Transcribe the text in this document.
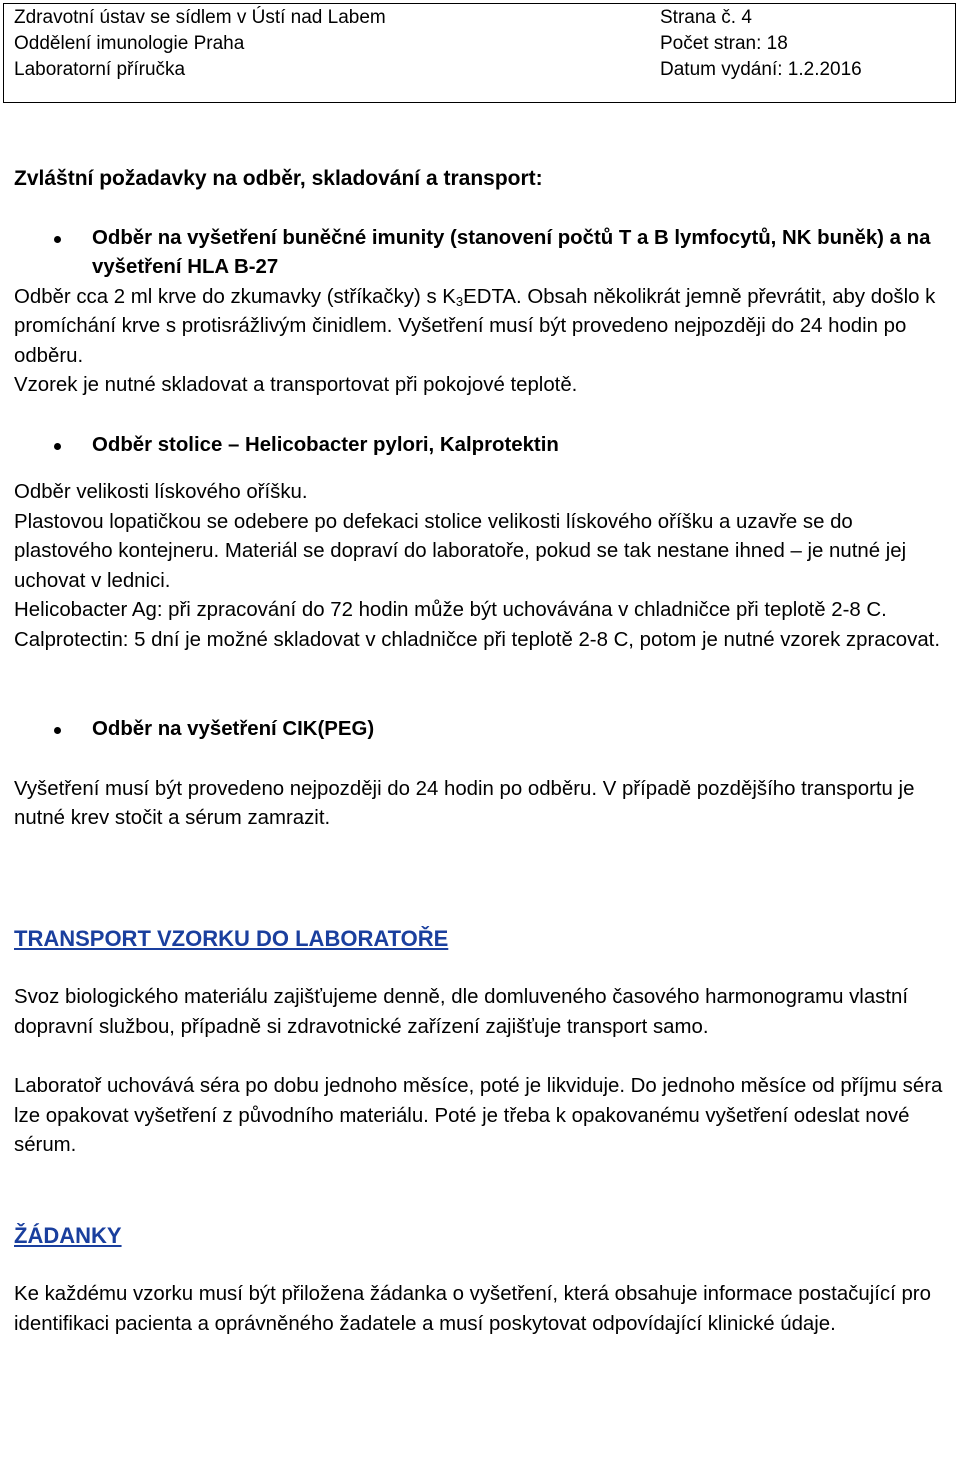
Zdravotní ústav se sídlem v Ústí nad Labem	Strana č. 4
Oddělení imunologie Praha	Počet stran: 18
Laboratorní příručka	Datum vydání: 1.2.2016

Zvláštní požadavky na odběr, skladování a transport:

Odběr na vyšetření buněčné imunity (stanovení počtů T a B lymfocytů, NK buněk) a na vyšetření HLA B-27

Odběr cca 2 ml krve do zkumavky (stříkačky) s $K_3EDTA$. Obsah několikrát jemně převrátit, aby došlo k promíchání krve s protisrážlivým činidlem. Vyšetření musí být provedeno nejpozději do 24 hodin po odběru.

Vzorek je nutné skladovat a transportovat při pokojové teplotě.

Odběr stolice – Helicobacter pylori, Kalprotektin

Odběr velikosti lískového oříšku.

Plastovou lopatičkou se odebere po defekaci stolice velikosti lískového oříšku a uzavře se do plastového kontejneru. Materiál se dopraví do laboratoře, pokud se tak nestane ihned – je nutné jej uchovat v lednici.

Helicobacter Ag: při zpracování do 72 hodin může být uchovávána v chladničce při teplotě 2-8 C.

Calprotectin: 5 dní je možné skladovat v chladničce při teplotě 2-8 C, potom je nutné vzorek zpracovat.

Odběr na vyšetření CIK(PEG)

Vyšetření musí být provedeno nejpozději do 24 hodin po odběru. V případě pozdějšího transportu je nutné krev stočit a sérum zamrazit.

TRANSPORT VZORKU DO LABORATOŘE

Svoz biologického materiálu zajišťujeme denně, dle domluveného časového harmonogramu vlastní dopravní službou, případně si zdravotnické zařízení zajišťuje transport samo.

Laboratoř uchovává séra po dobu jednoho měsíce, poté je likviduje. Do jednoho měsíce od příjmu séra lze opakovat vyšetření z původního materiálu. Poté je třeba k opakovanému vyšetření odeslat nové sérum.

ŽÁDANKY

Ke každému vzorku musí být přiložena žádanka o vyšetření, která obsahuje informace postačující pro identifikaci pacienta a oprávněného žadatele a musí poskytovat odpovídající klinické údaje.
